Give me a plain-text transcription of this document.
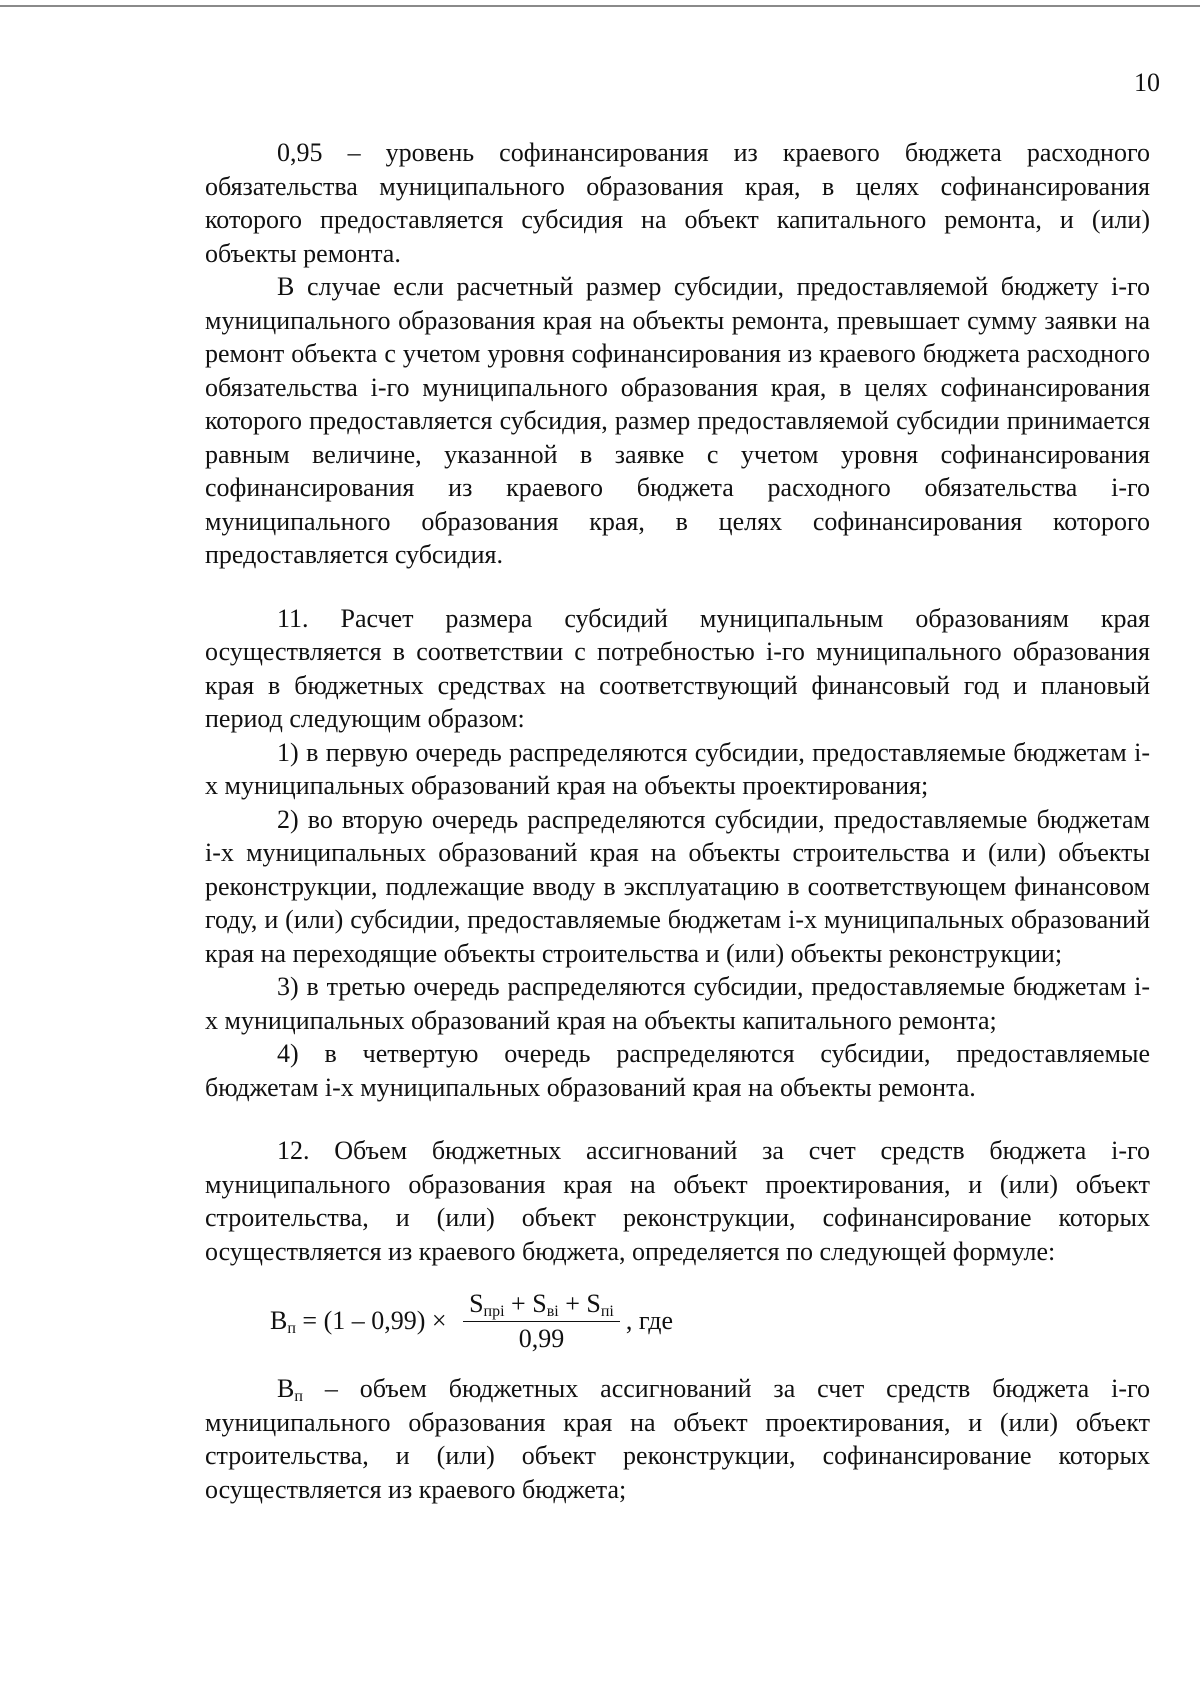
10

0,95 – уровень софинансирования из краевого бюджета расходного обязательства муниципального образования края, в целях софинансирования которого предоставляется субсидия на объект капитального ремонта, и (или) объекты ремонта.

В случае если расчетный размер субсидии, предоставляемой бюджету i-го муниципального образования края на объекты ремонта, превышает сумму заявки на ремонт объекта с учетом уровня софинансирования из краевого бюджета расходного обязательства i-го муниципального образования края, в целях софинансирования которого предоставляется субсидия, размер предоставляемой субсидии принимается равным величине, указанной в заявке с учетом уровня софинансирования софинансирования из краевого бюджета расходного обязательства i-го муниципального образования края, в целях софинансирования которого предоставляется субсидия.

11. Расчет размера субсидий муниципальным образованиям края осуществляется в соответствии с потребностью i-го муниципального образования края в бюджетных средствах на соответствующий финансовый год и плановый период следующим образом:

1) в первую очередь распределяются субсидии, предоставляемые бюджетам i-х муниципальных образований края на объекты проектирования;

2) во вторую очередь распределяются субсидии, предоставляемые бюджетам i-х муниципальных образований края на объекты строительства и (или) объекты реконструкции, подлежащие вводу в эксплуатацию в соответствующем финансовом году, и (или) субсидии, предоставляемые бюджетам i-х муниципальных образований края на переходящие объекты строительства и (или) объекты реконструкции;

3) в третью очередь распределяются субсидии, предоставляемые бюджетам i-х муниципальных образований края на объекты капитального ремонта;

4) в четвертую очередь распределяются субсидии, предоставляемые бюджетам i-х муниципальных образований края на объекты ремонта.

12. Объем бюджетных ассигнований за счет средств бюджета i-го муниципального образования края на объект проектирования, и (или) объект строительства, и (или) объект реконструкции, софинансирование которых осуществляется из краевого бюджета, определяется по следующей формуле:

$В_п = (1 - 0,99) \times \frac{S_{прi} + S_{вi} + S_{пi}}{0,99}$ , где

$В_п$ – объем бюджетных ассигнований за счет средств бюджета i-го муниципального образования края на объект проектирования, и (или) объект строительства, и (или) объект реконструкции, софинансирование которых осуществляется из краевого бюджета;
